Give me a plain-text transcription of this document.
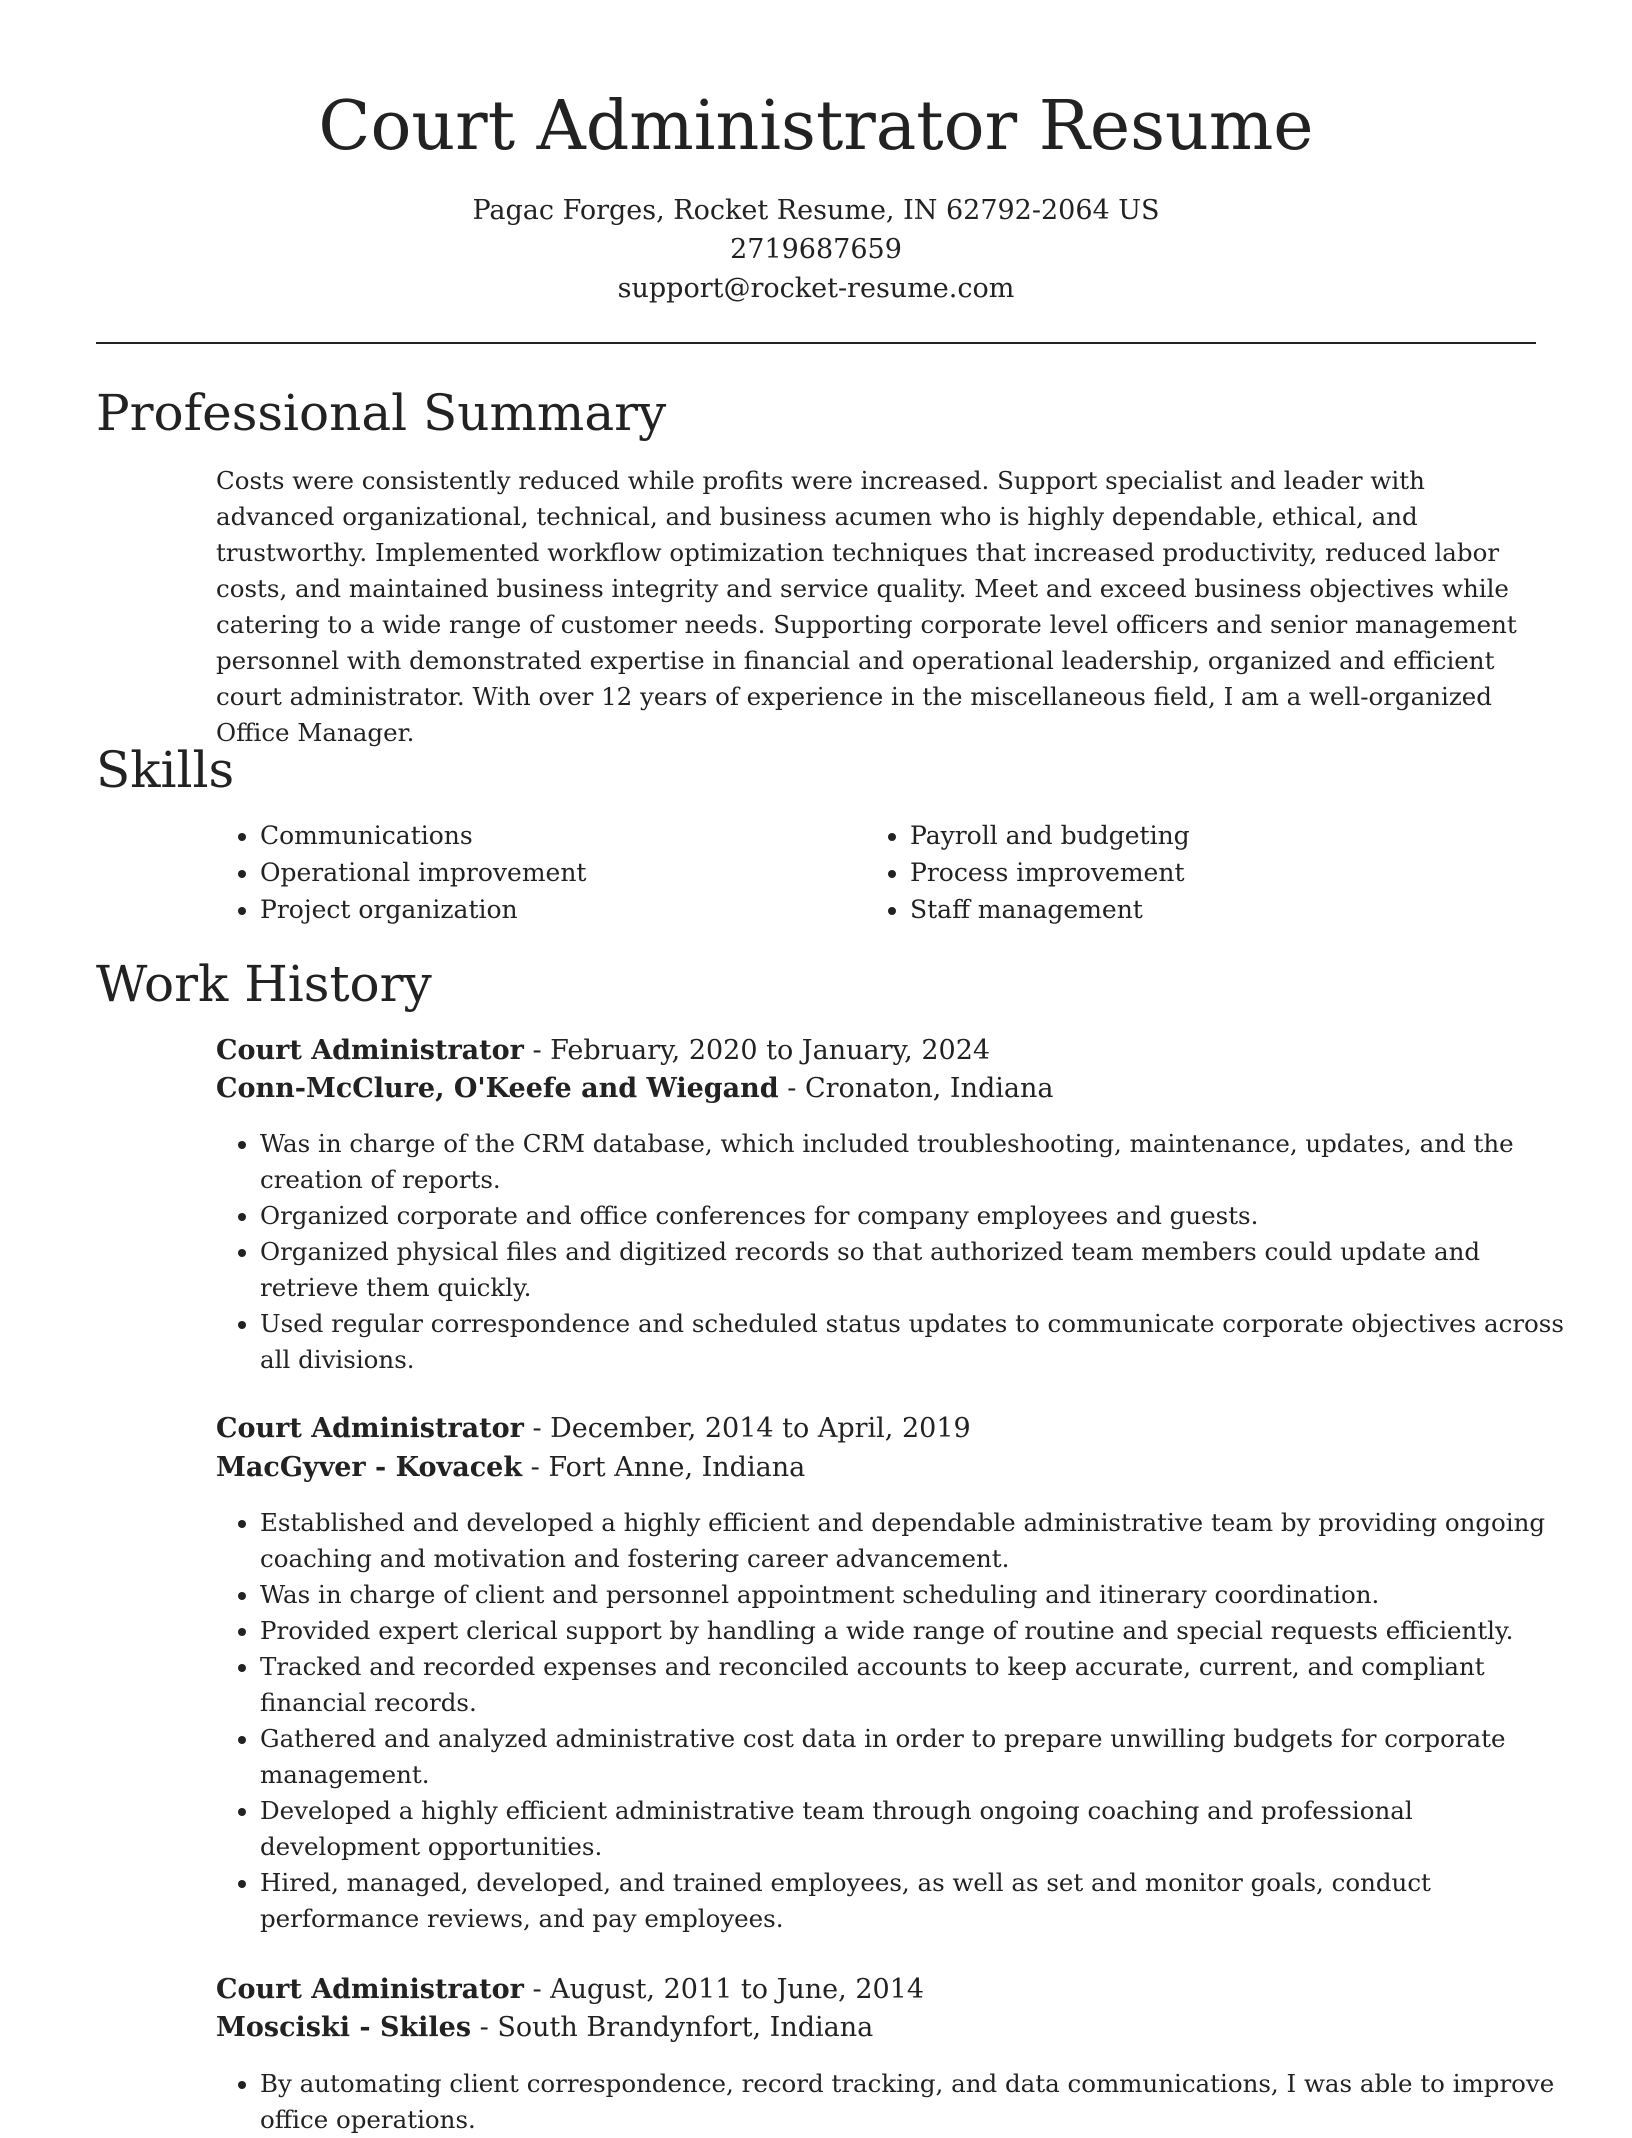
Court Administrator Resume
Pagac Forges, Rocket Resume, IN 62792-2064 US
2719687659
support@rocket-resume.com
Professional Summary

Costs were consistently reduced while profits were increased. Support specialist and leader with advanced organizational, technical, and business acumen who is highly dependable, ethical, and trustworthy. Implemented workflow optimization techniques that increased productivity, reduced labor costs, and maintained business integrity and service quality. Meet and exceed business objectives while catering to a wide range of customer needs. Supporting corporate level officers and senior management personnel with demonstrated expertise in financial and operational leadership, organized and efficient court administrator. With over 12 years of experience in the miscellaneous field, I am a well-organized Office Manager.

Skills
• Communications
• Operational improvement
• Project organization
• Payroll and budgeting
• Process improvement
• Staff management
Work History
Court Administrator - February, 2020 to January, 2024
Conn-McClure, O'Keefe and Wiegand - Cronaton, Indiana
• Was in charge of the CRM database, which included troubleshooting, maintenance, updates, and the creation of reports.
• Organized corporate and office conferences for company employees and guests.
• Organized physical files and digitized records so that authorized team members could update and retrieve them quickly.
• Used regular correspondence and scheduled status updates to communicate corporate objectives across all divisions.
Court Administrator - December, 2014 to April, 2019
MacGyver - Kovacek - Fort Anne, Indiana
• Established and developed a highly efficient and dependable administrative team by providing ongoing coaching and motivation and fostering career advancement.
• Was in charge of client and personnel appointment scheduling and itinerary coordination.
• Provided expert clerical support by handling a wide range of routine and special requests efficiently.
• Tracked and recorded expenses and reconciled accounts to keep accurate, current, and compliant financial records.
• Gathered and analyzed administrative cost data in order to prepare unwilling budgets for corporate management.
• Developed a highly efficient administrative team through ongoing coaching and professional development opportunities.
• Hired, managed, developed, and trained employees, as well as set and monitor goals, conduct performance reviews, and pay employees.
Court Administrator - August, 2011 to June, 2014
Mosciski - Skiles - South Brandynfort, Indiana
• By automating client correspondence, record tracking, and data communications, I was able to improve office operations.
